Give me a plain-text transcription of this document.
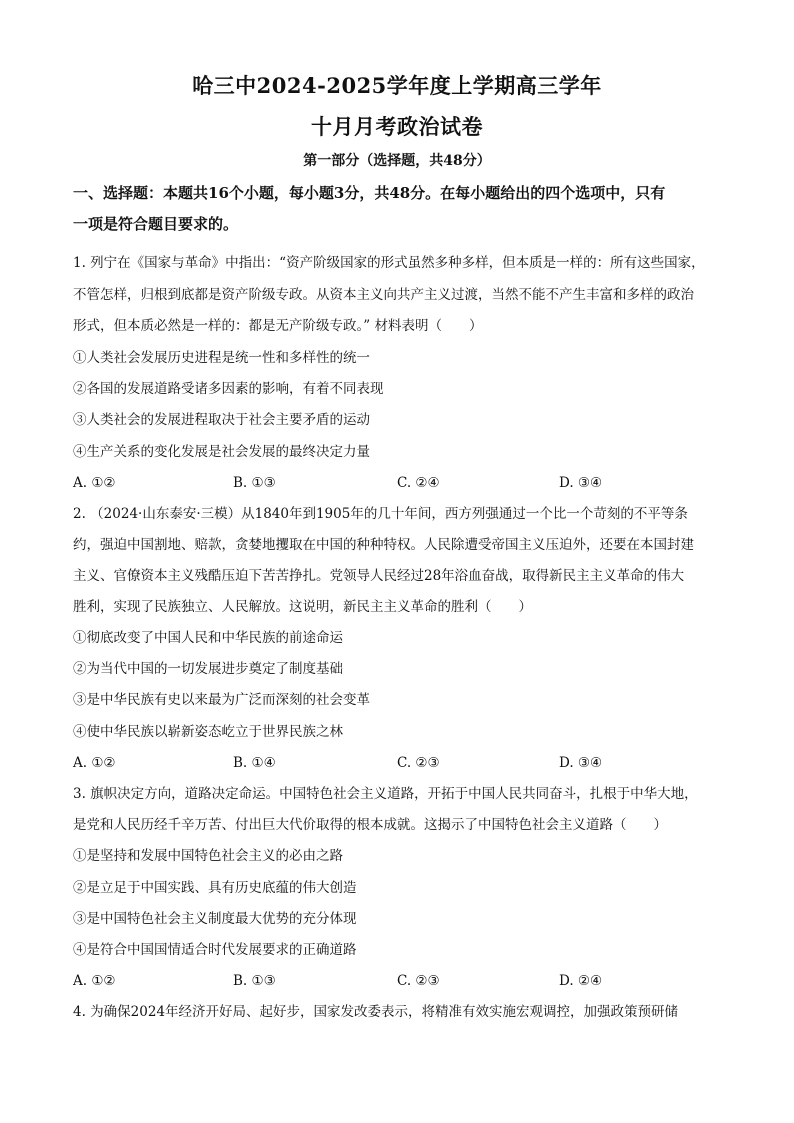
哈三中2024-2025学年度上学期高三学年
十月月考政治试卷
第一部分（选择题，共48分）
一、选择题：本题共16个小题，每小题3分，共48分。在每小题给出的四个选项中，只有
一项是符合题目要求的。
1. 列宁在《国家与革命》中指出：“资产阶级国家的形式虽然多种多样，但本质是一样的：所有这些国家，
不管怎样，归根到底都是资产阶级专政。从资本主义向共产主义过渡，当然不能不产生丰富和多样的政治
形式，但本质必然是一样的：都是无产阶级专政。” 材料表明（　　）
①人类社会发展历史进程是统一性和多样性的统一
②各国的发展道路受诸多因素的影响，有着不同表现
③人类社会的发展进程取决于社会主要矛盾的运动
④生产关系的变化发展是社会发展的最终决定力量
A. ①②	B. ①③	C. ②④	D. ③④
2. （2024·山东泰安·三模）从1840年到1905年的几十年间，西方列强通过一个比一个苛刻的不平等条
约，强迫中国割地、赔款，贪婪地攫取在中国的种种特权。人民除遭受帝国主义压迫外，还要在本国封建
主义、官僚资本主义残酷压迫下苦苦挣扎。党领导人民经过28年浴血奋战，取得新民主主义革命的伟大
胜利，实现了民族独立、人民解放。这说明，新民主主义革命的胜利（　　）
①彻底改变了中国人民和中华民族的前途命运
②为当代中国的一切发展进步奠定了制度基础
③是中华民族有史以来最为广泛而深刻的社会变革
④使中华民族以崭新姿态屹立于世界民族之林
A. ①②	B. ①④	C. ②③	D. ③④
3. 旗帜决定方向，道路决定命运。中国特色社会主义道路，开拓于中国人民共同奋斗，扎根于中华大地，
是党和人民历经千辛万苦、付出巨大代价取得的根本成就。这揭示了中国特色社会主义道路（　　）
①是坚持和发展中国特色社会主义的必由之路
②是立足于中国实践、具有历史底蕴的伟大创造
③是中国特色社会主义制度最大优势的充分体现
④是符合中国国情适合时代发展要求的正确道路
A. ①②	B. ①③	C. ②③	D. ②④
4. 为确保2024年经济开好局、起好步，国家发改委表示，将精准有效实施宏观调控，加强政策预研储
